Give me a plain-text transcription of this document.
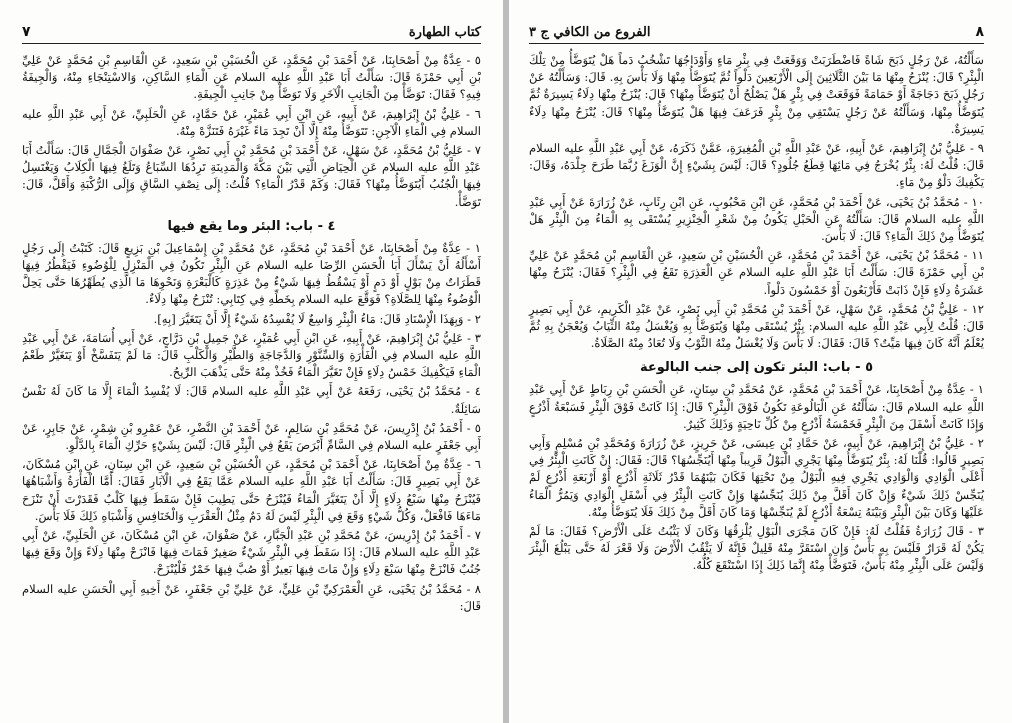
كتاب الطهارة
٧

٥ - عِدَّةٌ مِنْ أَصْحَابِنَا، عَنْ أَحْمَدَ بْنِ مُحَمَّدٍ، عَنِ الْحُسَيْنِ بْنِ سَعِيدٍ، عَنِ الْقَاسِمِ بْنِ مُحَمَّدٍ عَنْ عَلِيِّ بْنِ أَبِي حَمْزَةَ قَالَ: سَأَلْتُ أَبَا عَبْدِ اللَّهِ عليه السلام عَنِ الْمَاءِ السَّاكِنِ، وَالاسْتِنْجَاءِ مِنْهُ، وَالْجِيفَةُ فِيهِ؟ فَقَالَ: تَوَضَّأْ مِنَ الْجَانِبِ الْآخَرِ وَلَا تَوَضَّأْ مِنْ جَانِبِ الْجِيفَةِ.

٦ - عَلِيُّ بْنُ إِبْرَاهِيمَ، عَنْ أَبِيهِ، عَنِ ابْنِ أَبِي عُمَيْرٍ، عَنْ حَمَّادٍ، عَنِ الْحَلَبِيِّ، عَنْ أَبِي عَبْدِ اللَّهِ عليه السلام فِي الْمَاءِ الْآجِنِ: تَتَوَضَّأُ مِنْهُ إِلَّا أَنْ تَجِدَ مَاءً غَيْرَهُ فَتَنَزَّهْ مِنْهُ.

٧ - عَلِيُّ بْنُ مُحَمَّدٍ، عَنْ سَهْلٍ، عَنْ أَحْمَدَ بْنِ مُحَمَّدِ بْنِ أَبِي نَصْرٍ، عَنْ صَفْوَانَ الْجَمَّالِ قَالَ: سَأَلْتُ أَبَا عَبْدِ اللَّهِ عليه السلام عَنِ الْحِيَاضِ الَّتِي بَيْنَ مَكَّةَ وَالْمَدِينَةِ تَرِدُهَا السِّبَاعُ وَتَلَغُ فِيهَا الْكِلَابُ وَيَغْتَسِلُ فِيهَا الْجُنُبُ أَيُتَوَضَّأُ مِنْهَا؟ فَقَالَ: وَكَمْ قَدْرُ الْمَاءِ؟ قُلْتُ: إِلَى نِصْفِ السَّاقِ وَإِلَى الرُّكْبَةِ وَأَقَلَّ، قَالَ: تَوَضَّأْ.

٤ - باب: البئر وما يقع فيها

١ - عِدَّةٌ مِنْ أَصْحَابِنَا، عَنْ أَحْمَدَ بْنِ مُحَمَّدٍ، عَنْ مُحَمَّدِ بْنِ إِسْمَاعِيلَ بْنِ بَزِيعٍ قَالَ: كَتَبْتُ إِلَى رَجُلٍ أَسْأَلُهُ أَنْ يَسْأَلَ أَبَا الْحَسَنِ الرِّضَا عليه السلام عَنِ الْبِئْرِ تَكُونُ فِي الْمَنْزِلِ لِلْوُضُوءِ فَيَقْطُرُ فِيهَا قَطَرَاتٌ مِنْ بَوْلٍ أَوْ دَمٍ أَوْ يَسْقُطُ فِيهَا شَيْءٌ مِنْ عَذِرَةٍ كَالْبَعْرَةِ وَنَحْوِهَا مَا الَّذِي يُطَهِّرُهَا حَتَّى يَحِلَّ الْوُضُوءُ مِنْهَا لِلصَّلَاةِ؟ فَوَقَّعَ عليه السلام بِخَطِّهِ فِي كِتَابِي: تُنْزَحُ مِنْهَا دِلَاءٌ.

٢ - وَبِهَذَا الْإِسْنَادِ قَالَ: مَاءُ الْبِئْرِ وَاسِعٌ لَا يُفْسِدُهُ شَيْءٌ إِلَّا أَنْ يَتَغَيَّرَ [بِهِ].

٣ - عَلِيُّ بْنُ إِبْرَاهِيمَ، عَنْ أَبِيهِ، عَنِ ابْنِ أَبِي عُمَيْرٍ، عَنْ جَمِيلِ بْنِ دَرَّاجٍ، عَنْ أَبِي أُسَامَةَ، عَنْ أَبِي عَبْدِ اللَّهِ عليه السلام فِي الْفَأْرَةِ وَالسِّنَّوْرِ وَالدَّجَاجَةِ وَالطَّيْرِ وَالْكَلْبِ قَالَ: مَا لَمْ يَتَفَسَّخْ أَوْ يَتَغَيَّرْ طَعْمُ الْمَاءِ فَيَكْفِيكَ خَمْسُ دِلَاءٍ فَإِنْ تَغَيَّرَ الْمَاءُ فَخُذْ مِنْهُ حَتَّى يَذْهَبَ الرِّيحُ.

٤ - مُحَمَّدُ بْنُ يَحْيَى، رَفَعَهُ عَنْ أَبِي عَبْدِ اللَّهِ عليه السلام قَالَ: لَا يُفْسِدُ الْمَاءَ إِلَّا مَا كَانَ لَهُ نَفْسٌ سَائِلَةٌ.

٥ - أَحْمَدُ بْنُ إِدْرِيسَ، عَنْ مُحَمَّدِ بْنِ سَالِمٍ، عَنْ أَحْمَدَ بْنِ النَّضْرِ، عَنْ عَمْرِو بْنِ شِمْرٍ، عَنْ جَابِرٍ، عَنْ أَبِي جَعْفَرٍ عليه السلام فِي السَّامِّ أَبْرَصَ يَقَعُ فِي الْبِئْرِ قَالَ: لَيْسَ بِشَيْءٍ حَرِّكِ الْمَاءَ بِالدَّلْوِ.

٦ - عِدَّةٌ مِنْ أَصْحَابِنَا، عَنْ أَحْمَدَ بْنِ مُحَمَّدٍ، عَنِ الْحُسَيْنِ بْنِ سَعِيدٍ، عَنِ ابْنِ سِنَانٍ، عَنِ ابْنِ مُسْكَانَ، عَنْ أَبِي بَصِيرٍ قَالَ: سَأَلْتُ أَبَا عَبْدِ اللَّهِ عليه السلام عَمَّا يَقَعُ فِي الْآبَارِ فَقَالَ: أَمَّا الْفَأْرَةُ وَأَشْبَاهُهَا فَيُنْزَحُ مِنْهَا سَبْعُ دِلَاءٍ إِلَّا أَنْ يَتَغَيَّرَ الْمَاءُ فَيُنْزَحُ حَتَّى يَطِيبَ فَإِنْ سَقَطَ فِيهَا كَلْبٌ فَقَدَرْتَ أَنْ تَنْزَحَ مَاءَهَا فَافْعَلْ، وَكُلُّ شَيْءٍ وَقَعَ فِي الْبِئْرِ لَيْسَ لَهُ دَمٌ مِثْلُ الْعَقْرَبِ وَالْخَنَافِسِ وَأَشْبَاهِ ذَلِكَ فَلَا بَأْسَ.

٧ - أَحْمَدُ بْنُ إِدْرِيسَ، عَنْ مُحَمَّدِ بْنِ عَبْدِ الْجَبَّارِ، عَنْ صَفْوَانَ، عَنِ ابْنِ مُسْكَانَ، عَنِ الْحَلَبِيِّ، عَنْ أَبِي عَبْدِ اللَّهِ عليه السلام قَالَ: إِذَا سَقَطَ فِي الْبِئْرِ شَيْءٌ صَغِيرٌ فَمَاتَ فِيهَا فَانْزَحْ مِنْهَا دِلَاءً وَإِنْ وَقَعَ فِيهَا جُنُبٌ فَانْزَحْ مِنْهَا سَبْعَ دِلَاءٍ وَإِنْ مَاتَ فِيهَا بَعِيرٌ أَوْ صُبَّ فِيهَا خَمْرٌ فَلْيُنْزَحْ.

٨ - مُحَمَّدُ بْنُ يَحْيَى، عَنِ الْعَمْرَكِيِّ بْنِ عَلِيٍّ، عَنْ عَلِيِّ بْنِ جَعْفَرٍ، عَنْ أَخِيهِ أَبِي الْحَسَنِ عليه السلام قَالَ:

٨
الفروع من الكافي ج ٣

سَأَلْتُهُ، عَنْ رَجُلٍ ذَبَحَ شَاةً فَاضْطَرَبَتْ وَوَقَعَتْ فِي بِئْرِ مَاءٍ وَأَوْدَاجُهَا تَشْخُبُ دَماً هَلْ يُتَوَضَّأُ مِنْ تِلْكَ الْبِئْرِ؟ قَالَ: يُنْزَحُ مِنْهَا مَا بَيْنَ الثَّلَاثِينَ إِلَى الْأَرْبَعِينَ دَلْواً ثُمَّ يُتَوَضَّأُ مِنْهَا وَلَا بَأْسَ بِهِ. قَالَ: وَسَأَلْتُهُ عَنْ رَجُلٍ ذَبَحَ دَجَاجَةً أَوْ حَمَامَةً فَوَقَعَتْ فِي بِئْرٍ هَلْ يَصْلُحُ أَنْ يُتَوَضَّأَ مِنْهَا؟ قَالَ: يُنْزَحُ مِنْهَا دِلَاءٌ يَسِيرَةٌ ثُمَّ يُتَوَضَّأُ مِنْهَا، وَسَأَلْتُهُ عَنْ رَجُلٍ يَسْتَقِي مِنْ بِئْرٍ فَرَعَفَ فِيهَا هَلْ يُتَوَضَّأُ مِنْهَا؟ قَالَ: يُنْزَحُ مِنْهَا دِلَاءٌ يَسِيرَةٌ.

٩ - عَلِيُّ بْنُ إِبْرَاهِيمَ، عَنْ أَبِيهِ، عَنْ عَبْدِ اللَّهِ بْنِ الْمُغِيرَةِ، عَمَّنْ ذَكَرَهُ، عَنْ أَبِي عَبْدِ اللَّهِ عليه السلام قَالَ: قُلْتُ لَهُ: بِئْرٌ يُخْرَجُ فِي مَائِهَا قِطَعُ جُلُودٍ؟ قَالَ: لَيْسَ بِشَيْءٍ إِنَّ الْوَزَغَ رُبَّمَا طَرَحَ جِلْدَهُ، وَقَالَ: يَكْفِيكَ دَلْوٌ مِنْ مَاءٍ.

١٠ - مُحَمَّدُ بْنُ يَحْيَى، عَنْ أَحْمَدَ بْنِ مُحَمَّدٍ، عَنِ ابْنِ مَحْبُوبٍ، عَنِ ابْنِ رِئَابٍ، عَنْ زُرَارَةَ عَنْ أَبِي عَبْدِ اللَّهِ عليه السلام قَالَ: سَأَلْتُهُ عَنِ الْحَبْلِ يَكُونُ مِنْ شَعْرِ الْخِنْزِيرِ يُسْتَقَى بِهِ الْمَاءُ مِنَ الْبِئْرِ هَلْ يُتَوَضَّأُ مِنْ ذَلِكَ الْمَاءِ؟ قَالَ: لَا بَأْسَ.

١١ - مُحَمَّدُ بْنُ يَحْيَى، عَنْ أَحْمَدَ بْنِ مُحَمَّدٍ، عَنِ الْحُسَيْنِ بْنِ سَعِيدٍ، عَنِ الْقَاسِمِ بْنِ مُحَمَّدٍ عَنْ عَلِيِّ بْنِ أَبِي حَمْزَةَ قَالَ: سَأَلْتُ أَبَا عَبْدِ اللَّهِ عليه السلام عَنِ الْعَذِرَةِ تَقَعُ فِي الْبِئْرِ؟ فَقَالَ: يُنْزَحُ مِنْهَا عَشَرَةُ دِلَاءٍ فَإِنْ ذَابَتْ فَأَرْبَعُونَ أَوْ خَمْسُونَ دَلْواً.

١٢ - عَلِيُّ بْنُ مُحَمَّدٍ، عَنْ سَهْلٍ، عَنْ أَحْمَدَ بْنِ مُحَمَّدِ بْنِ أَبِي نَصْرٍ، عَنْ عَبْدِ الْكَرِيمِ، عَنْ أَبِي بَصِيرٍ قَالَ: قُلْتُ لِأَبِي عَبْدِ اللَّهِ عليه السلام: بِئْرٌ يُسْتَقَى مِنْهَا وَيُتَوَضَّأُ بِهِ وَيُغْسَلُ مِنْهُ الثِّيَابُ وَيُعْجَنُ بِهِ ثُمَّ يُعْلَمُ أَنَّهُ كَانَ فِيهَا مَيِّتٌ؟ قَالَ: فَقَالَ: لَا بَأْسَ وَلَا يُغْسَلُ مِنْهُ الثَّوْبُ وَلَا تُعَادُ مِنْهُ الصَّلَاةُ.

٥ - باب: البئر تكون إلى جنب البالوعة

١ - عِدَّةٌ مِنْ أَصْحَابِنَا، عَنْ أَحْمَدَ بْنِ مُحَمَّدٍ، عَنْ مُحَمَّدِ بْنِ سِنَانٍ، عَنِ الْحَسَنِ بْنِ رِبَاطٍ عَنْ أَبِي عَبْدِ اللَّهِ عليه السلام قَالَ: سَأَلْتُهُ عَنِ الْبَالُوعَةِ تَكُونُ فَوْقَ الْبِئْرِ؟ قَالَ: إِذَا كَانَتْ فَوْقَ الْبِئْرِ فَسَبْعَةُ أَذْرُعٍ وَإِذَا كَانَتْ أَسْفَلَ مِنَ الْبِئْرِ فَخَمْسَةُ أَذْرُعٍ مِنْ كُلِّ نَاحِيَةٍ وَذَلِكَ كَثِيرٌ.

٢ - عَلِيُّ بْنُ إِبْرَاهِيمَ، عَنْ أَبِيهِ، عَنْ حَمَّادِ بْنِ عِيسَى، عَنْ حَرِيزٍ، عَنْ زُرَارَةَ وَمُحَمَّدِ بْنِ مُسْلِمٍ وَأَبِي بَصِيرٍ قَالُوا: قُلْنَا لَهُ: بِئْرٌ يُتَوَضَّأُ مِنْهَا يَجْرِي الْبَوْلُ قَرِيباً مِنْهَا أَيُنَجِّسُهَا؟ قَالَ: فَقَالَ: إِنْ كَانَتِ الْبِئْرُ فِي أَعْلَى الْوَادِي وَالْوَادِي يَجْرِي فِيهِ الْبَوْلُ مِنْ تَحْتِهَا فَكَانَ بَيْنَهُمَا قَدْرُ ثَلَاثَةِ أَذْرُعٍ أَوْ أَرْبَعَةِ أَذْرُعٍ لَمْ يُنَجِّسْ ذَلِكَ شَيْءٌ وَإِنْ كَانَ أَقَلَّ مِنْ ذَلِكَ يُنَجِّسُهَا وَإِنْ كَانَتِ الْبِئْرُ فِي أَسْفَلِ الْوَادِي وَيَمُرُّ الْمَاءُ عَلَيْهَا وَكَانَ بَيْنَ الْبِئْرِ وَبَيْنَهُ تِسْعَةُ أَذْرُعٍ لَمْ يُنَجِّسْهَا وَمَا كَانَ أَقَلَّ مِنْ ذَلِكَ فَلَا يُتَوَضَّأُ مِنْهُ.

٣ - قَالَ زُرَارَةُ فَقُلْتُ لَهُ: فَإِنْ كَانَ مَجْرَى الْبَوْلِ يُلْزِقُهَا وَكَانَ لَا يَثْبُتُ عَلَى الْأَرْضِ؟ فَقَالَ: مَا لَمْ يَكُنْ لَهُ قَرَارٌ فَلَيْسَ بِهِ بَأْسٌ وَإِنِ اسْتَقَرَّ مِنْهُ قَلِيلٌ فَإِنَّهُ لَا يَثْقُبُ الْأَرْضَ وَلَا قَعْرَ لَهُ حَتَّى يَبْلُغَ الْبِئْرَ وَلَيْسَ عَلَى الْبِئْرِ مِنْهُ بَأْسٌ، فَتَوَضَّأْ مِنْهُ إِنَّمَا ذَلِكَ إِذَا اسْتَنْقَعَ كُلُّهُ.
